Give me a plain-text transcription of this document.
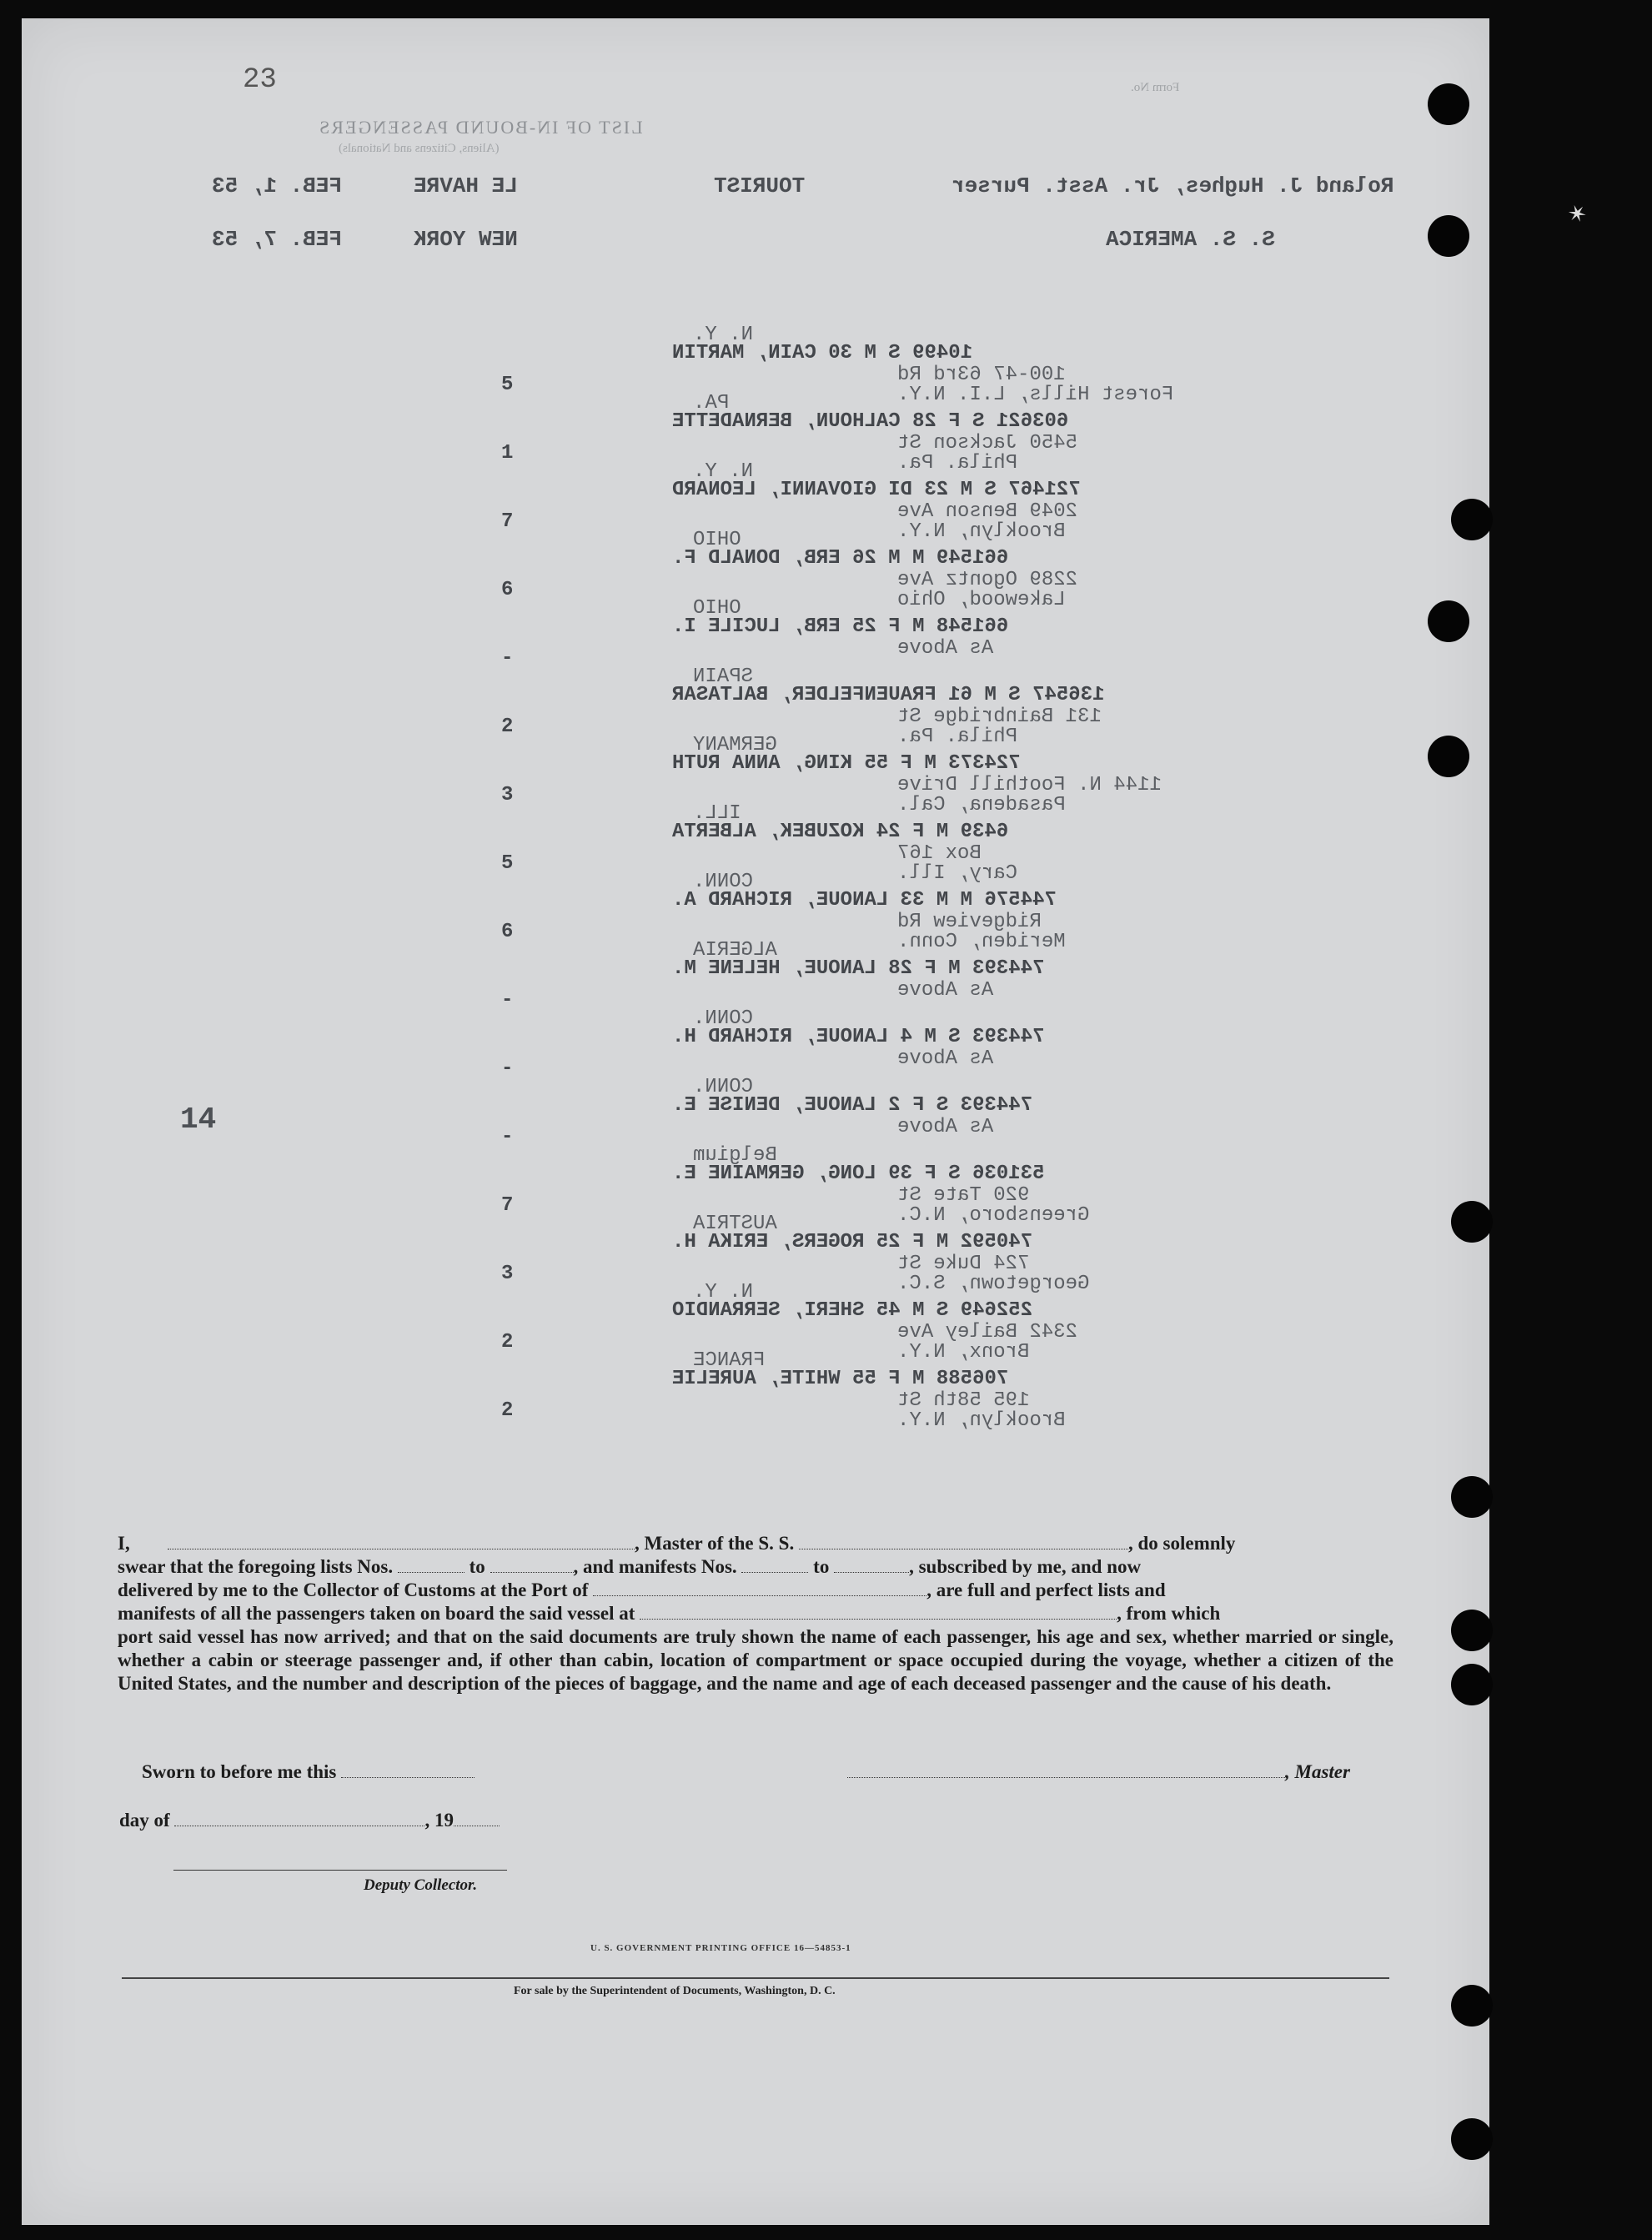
23
LIST OF IN-BOUND PASSENGERS
(Aliens, Citizens and Nationals)
Form No.
Roland J. Hughes, Jr. Asst. Purser
TOURIST
LE HAVRE
FEB. 1, 53
S. S. AMERICA
NEW YORK
FEB. 7, 53
10499 S M 30 CAIN, MARTIN
100-47 63rd Rd
Forest Hills, L.I. N.Y.
N. Y.
5
603621 S F 28 CALHOUN, BERNADETTE
5450 Jackson St
Phila. Pa.
PA.
1
721467 S M 23 DI GIOVANNI, LEONARD
2049 Benson Ave
Brooklyn, N.Y.
N. Y.
7
661549 M M 26 ERB, DONALD F.
2289 Ogontz Ave
Lakewood, Ohio
OHIO
6
661548 M F 25 ERB, LUCILE I.
As Above
OHIO
-
136547 S M 61 FRAUENFELDER, BALTASAR
131 Bainbridge St
Phila. Pa.
SPAIN
2
724373 M F 55 KING, ANNA RUTH
1144 N. Foothill Drive
Pasadena, Cal.
GERMANY
3
6439 M F 24 KOZUBEK, ALBERTA
Box 167
Cary, Ill.
ILL.
5
744576 M M 33 LANOUE, RICHARD A.
Ridgeview Rd
Meriden, Conn.
CONN.
6
744393 M F 28 LANOUE, HELENE M.
As Above
ALGERIA
-
744393 S M 4 LANOUE, RICHARD H.
As Above
CONN.
-
744393 S F 2 LANOUE, DENISE E.
As Above
CONN.
-
531036 S F 39 LONG, GERMAINE E.
920 Tate St
Greensboro, N.C.
Belgium
7
740592 M F 25 ROGERS, ERIKA H.
724 Duke St
Georgetown, S.C.
AUSTRIA
3
252649 S M 45 SHERI, SERRANDIO
2342 Bailey Ave
Bronx, N.Y.
N. Y.
2
706588 M F 55 WHITE, AURELIE
195 58th St
Brooklyn, N.Y.
FRANCE
2
14

I,	, Master of the S. S.	, do solemnly

swear that the foregoing lists Nos.	to	, and manifests Nos.	to	, subscribed by me, and now

delivered by me to the Collector of Customs at the Port of	, are full and perfect lists and

manifests of all the passengers taken on board the said vessel at	, from which

port said vessel has now arrived; and that on the said documents are truly shown the name of each passenger, his age and sex, whether married or single, whether a cabin or steerage passenger and, if other than cabin, location of compartment or space occupied during the voyage, whether a citizen of the United States, and the number and description of the pieces of baggage, and the name and age of each deceased passenger and the cause of his death.

Sworn to before me this	, Master
day of	, 19
Deputy Collector.
U. S. GOVERNMENT PRINTING OFFICE 16—54853-1
For sale by the Superintendent of Documents, Washington, D. C.
✶
